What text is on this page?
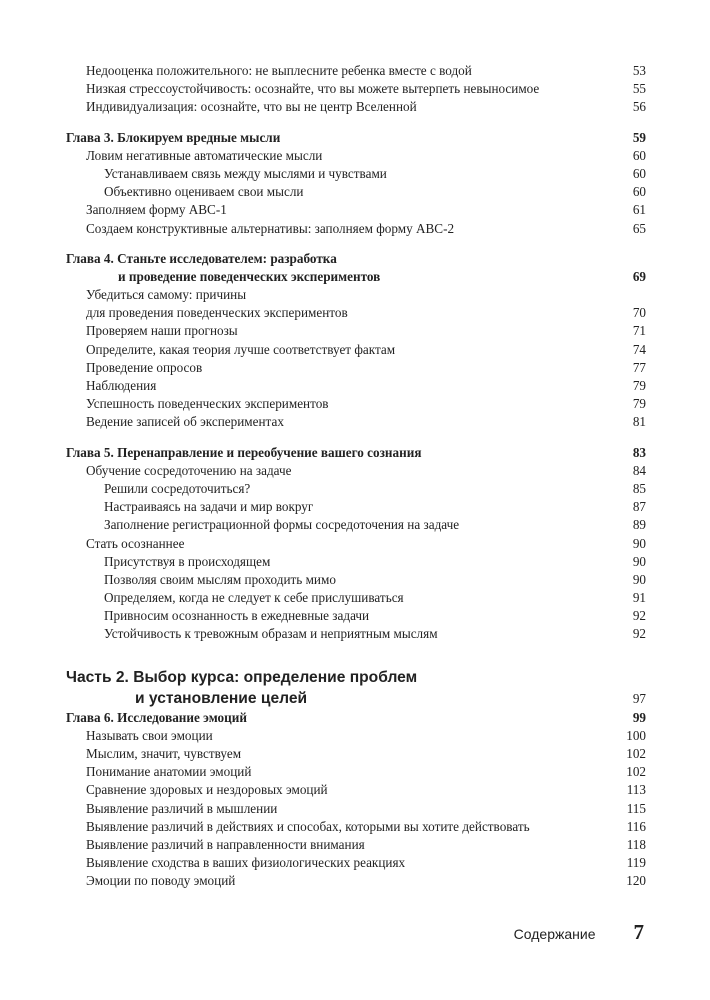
Недооценка положительного: не выплесните ребенка вместе с водой	53
Низкая стрессоустойчивость: осознайте, что вы можете вытерпеть невыносимое	55
Индивидуализация: осознайте, что вы не центр Вселенной	56
Глава 3. Блокируем вредные мысли	59
Ловим негативные автоматические мысли	60
Устанавливаем связь между мыслями и чувствами	60
Объективно оцениваем свои мысли	60
Заполняем форму АВС-1	61
Создаем конструктивные альтернативы: заполняем форму АВС-2	65
Глава 4. Станьте исследователем: разработка
и проведение поведенческих экспериментов	69
Убедиться самому: причины
для проведения поведенческих экспериментов	70
Проверяем наши прогнозы	71
Определите, какая теория лучше соответствует фактам	74
Проведение опросов	77
Наблюдения	79
Успешность поведенческих экспериментов	79
Ведение записей об экспериментах	81
Глава 5. Перенаправление и переобучение вашего сознания	83
Обучение сосредоточению на задаче	84
Решили сосредоточиться?	85
Настраиваясь на задачи и мир вокруг	87
Заполнение регистрационной формы сосредоточения на задаче	89
Стать осознаннее	90
Присутствуя в происходящем	90
Позволяя своим мыслям проходить мимо	90
Определяем, когда не следует к себе прислушиваться	91
Привносим осознанность в ежедневные задачи	92
Устойчивость к тревожным образам и неприятным мыслям	92
Часть 2. Выбор курса: определение проблем
и установление целей	97
Глава 6. Исследование эмоций	99
Называть свои эмоции	100
Мыслим, значит, чувствуем	102
Понимание анатомии эмоций	102
Сравнение здоровых и нездоровых эмоций	113
Выявление различий в мышлении	115
Выявление различий в действиях и способах, которыми вы хотите действовать	116
Выявление различий в направленности внимания	118
Выявление сходства в ваших физиологических реакциях	119
Эмоции по поводу эмоций	120
Содержание 7
